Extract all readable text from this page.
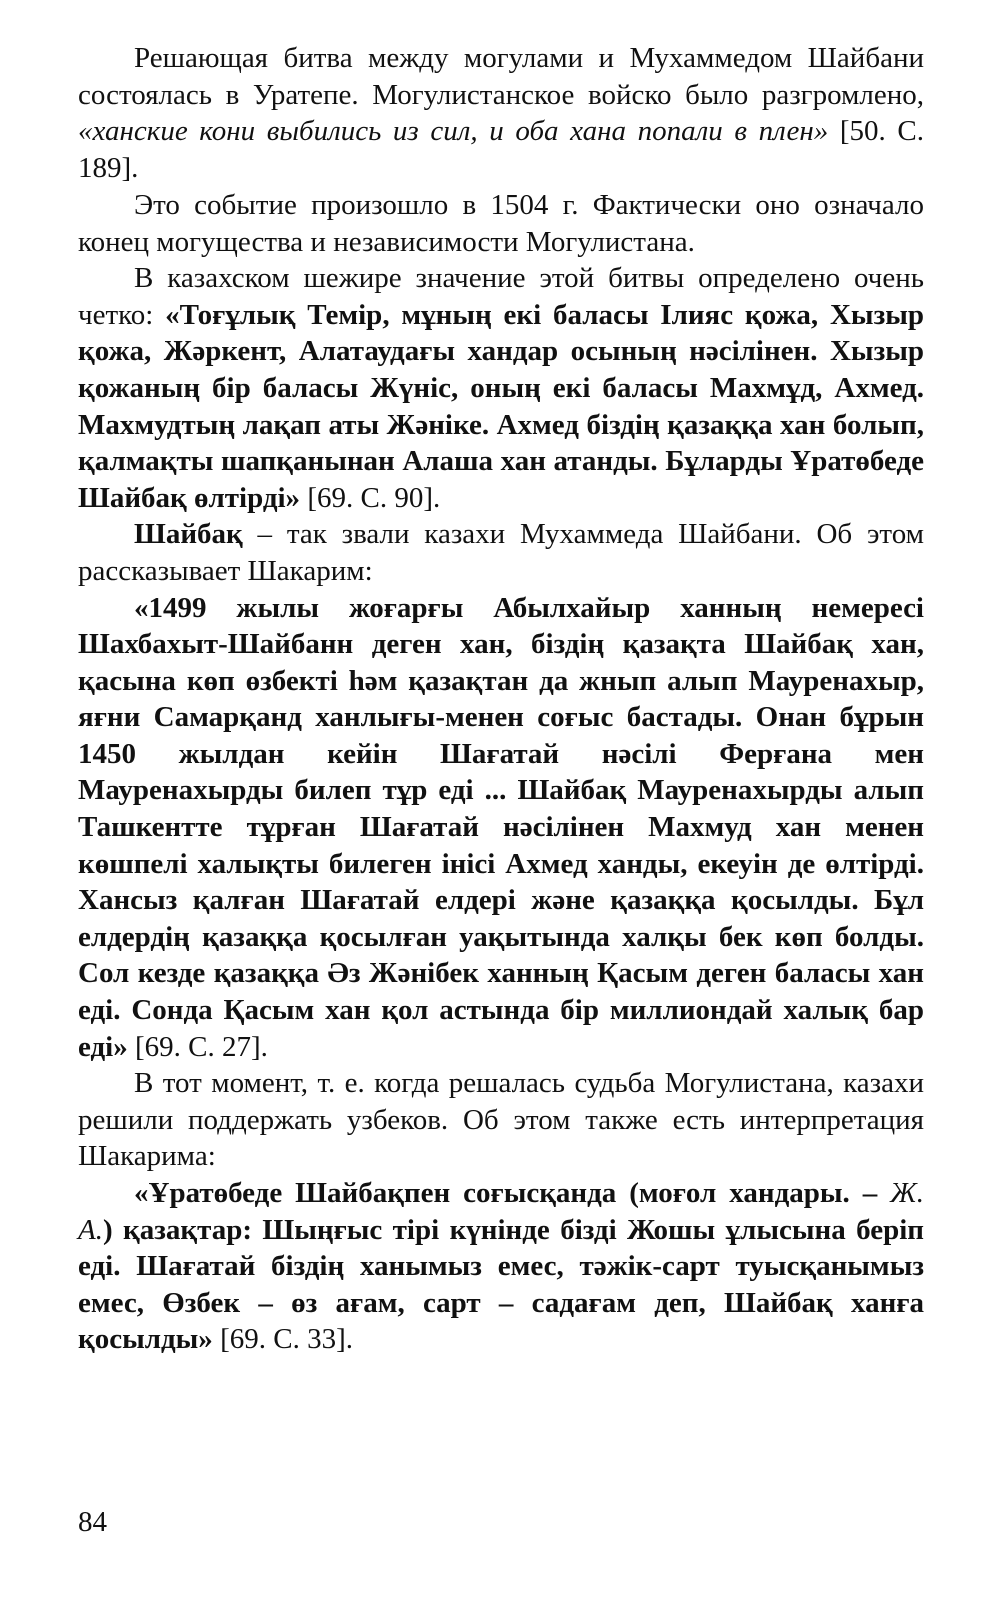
Решающая битва между могулами и Мухаммедом Шайбани состоялась в Уратепе. Могулистанское войско было разгромлено, «ханские кони выбились из сил, и оба хана попали в плен» [50. С. 189].

Это событие произошло в 1504 г. Фактически оно означало конец могущества и независимости Могулистана.

В казахском шежире значение этой битвы определено очень четко: «Тоғұлық Темір, мұның екі баласы Ілияс қожа, Хызыр қожа, Жәркент, Алатаудағы хандар осының нәсілінен. Хызыр қожаның бір баласы Жүніс, оның екі баласы Махмұд, Ахмед. Махмудтың лақап аты Жәніке. Ахмед біздің қазаққа хан болып, қалмақты шапқанынан Алаша хан атанды. Бұларды Ұратөбеде Шайбақ өлтірді» [69. С. 90].

Шайбақ – так звали казахи Мухаммеда Шайбани. Об этом рассказывает Шакарим:

«1499 жылы жоғарғы Абылхайыр ханның немересі Шахбахыт-Шайбанн деген хан, біздің қазақта Шайбақ хан, қасына көп өзбекті һәм қазақтан да жнып алып Мауренахыр, яғни Самарқанд ханлығы-менен соғыс бастады. Онан бұрын 1450 жылдан кейін Шағатай нәсілі Ферғана мен Мауренахырды билеп тұр еді ... Шайбақ Мауренахырды алып Ташкентте тұрған Шағатай нәсілінен Махмуд хан менен көшпелі халықты билеген інісі Ахмед ханды, екеуін де өлтірді. Хансыз қалған Шағатай елдері және қазаққа қосылды. Бұл елдердің қазаққа қосылған уақытында халқы бек көп болды. Сол кезде қазаққа Әз Жәнібек ханның Қасым деген баласы хан еді. Сонда Қасым хан қол астында бір миллиондай халық бар еді» [69. С. 27].

В тот момент, т. е. когда решалась судьба Могулистана, казахи решили поддержать узбеков. Об этом также есть интерпретация Шакарима:

«Ұратөбеде Шайбақпен соғысқанда (моғол хандары. – Ж. А.) қазақтар: Шыңғыс тірі күнінде бізді Жошы ұлысына беріп еді. Шағатай біздің ханымыз емес, тәжік-сарт туысқанымыз емес, Өзбек – өз ағам, сарт – садағам деп, Шайбақ ханға қосылды» [69. С. 33].

84
